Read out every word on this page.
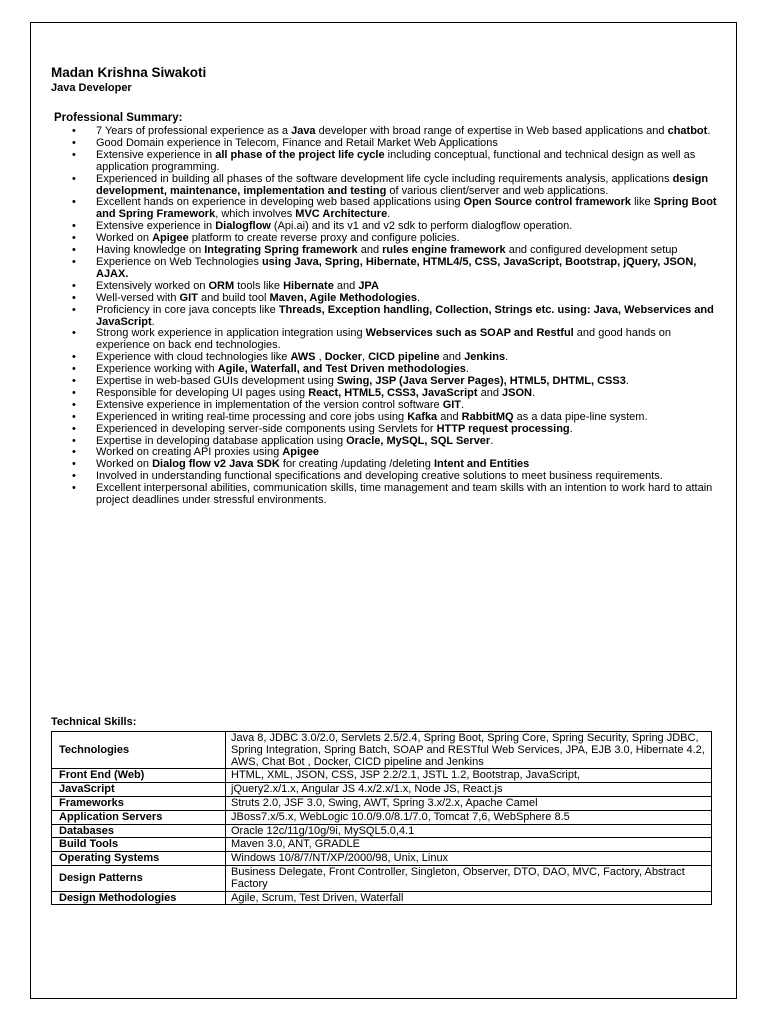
Madan Krishna Siwakoti
Java Developer
Professional Summary:
• 7 Years of professional experience as a Java developer with broad range of expertise in Web based applications and chatbot.
• Good Domain experience in Telecom, Finance and Retail Market Web Applications
• Extensive experience in all phase of the project life cycle including conceptual, functional and technical design as well as application programming.
• Experienced in building all phases of the software development life cycle including requirements analysis, applications design development, maintenance, implementation and testing of various client/server and web applications.
• Excellent hands on experience in developing web based applications using Open Source control framework like Spring Boot and Spring Framework, which involves MVC Architecture.
• Extensive experience in Dialogflow (Api.ai) and its v1 and v2 sdk to perform dialogflow operation.
• Worked on Apigee platform to create reverse proxy and configure policies.
• Having knowledge on Integrating Spring framework and rules engine framework and configured development setup
• Experience on Web Technologies using Java, Spring, Hibernate, HTML4/5, CSS, JavaScript, Bootstrap, jQuery, JSON, AJAX.
• Extensively worked on ORM tools like Hibernate and JPA
• Well-versed with GIT and build tool Maven, Agile Methodologies.
• Proficiency in core java concepts like Threads, Exception handling, Collection, Strings etc. using: Java, Webservices and JavaScript.
• Strong work experience in application integration using Webservices such as SOAP and Restful and good hands on experience on back end technologies.
• Experience with cloud technologies like AWS , Docker, CICD pipeline and Jenkins.
• Experience working with Agile, Waterfall, and Test Driven methodologies.
• Expertise in web-based GUIs development using Swing, JSP (Java Server Pages), HTML5, DHTML, CSS3.
• Responsible for developing UI pages using React, HTML5, CSS3, JavaScript and JSON.
• Extensive experience in implementation of the version control software GIT.
• Experienced in writing real-time processing and core jobs using Kafka and RabbitMQ as a data pipe-line system.
• Experienced in developing server-side components using Servlets for HTTP request processing.
• Expertise in developing database application using Oracle, MySQL, SQL Server.
• Worked on creating API proxies using Apigee
• Worked on Dialog flow v2 Java SDK for creating /updating /deleting Intent and Entities
• Involved in understanding functional specifications and developing creative solutions to meet business requirements.
• Excellent interpersonal abilities, communication skills, time management and team skills with an intention to work hard to attain project deadlines under stressful environments.
Technical Skills:
Technologies	Java 8, JDBC 3.0/2.0, Servlets 2.5/2.4, Spring Boot, Spring Core, Spring Security, Spring JDBC, Spring Integration, Spring Batch, SOAP and RESTful Web Services, JPA, EJB 3.0, Hibernate 4.2, AWS, Chat Bot , Docker, CICD pipeline and Jenkins
Front End (Web)	HTML, XML, JSON, CSS, JSP 2.2/2.1, JSTL 1.2, Bootstrap, JavaScript,
JavaScript	jQuery2.x/1.x, Angular JS 4.x/2.x/1.x, Node JS, React.js
Frameworks	Struts 2.0, JSF 3.0, Swing, AWT, Spring 3.x/2.x, Apache Camel
Application Servers	JBoss7.x/5.x, WebLogic 10.0/9.0/8.1/7.0, Tomcat 7,6, WebSphere 8.5
Databases	Oracle 12c/11g/10g/9i, MySQL5.0,4.1
Build Tools	Maven 3.0, ANT, GRADLE
Operating Systems	Windows 10/8/7/NT/XP/2000/98, Unix, Linux
Design Patterns	Business Delegate, Front Controller, Singleton, Observer, DTO, DAO, MVC, Factory, Abstract Factory
Design Methodologies	Agile, Scrum, Test Driven, Waterfall
